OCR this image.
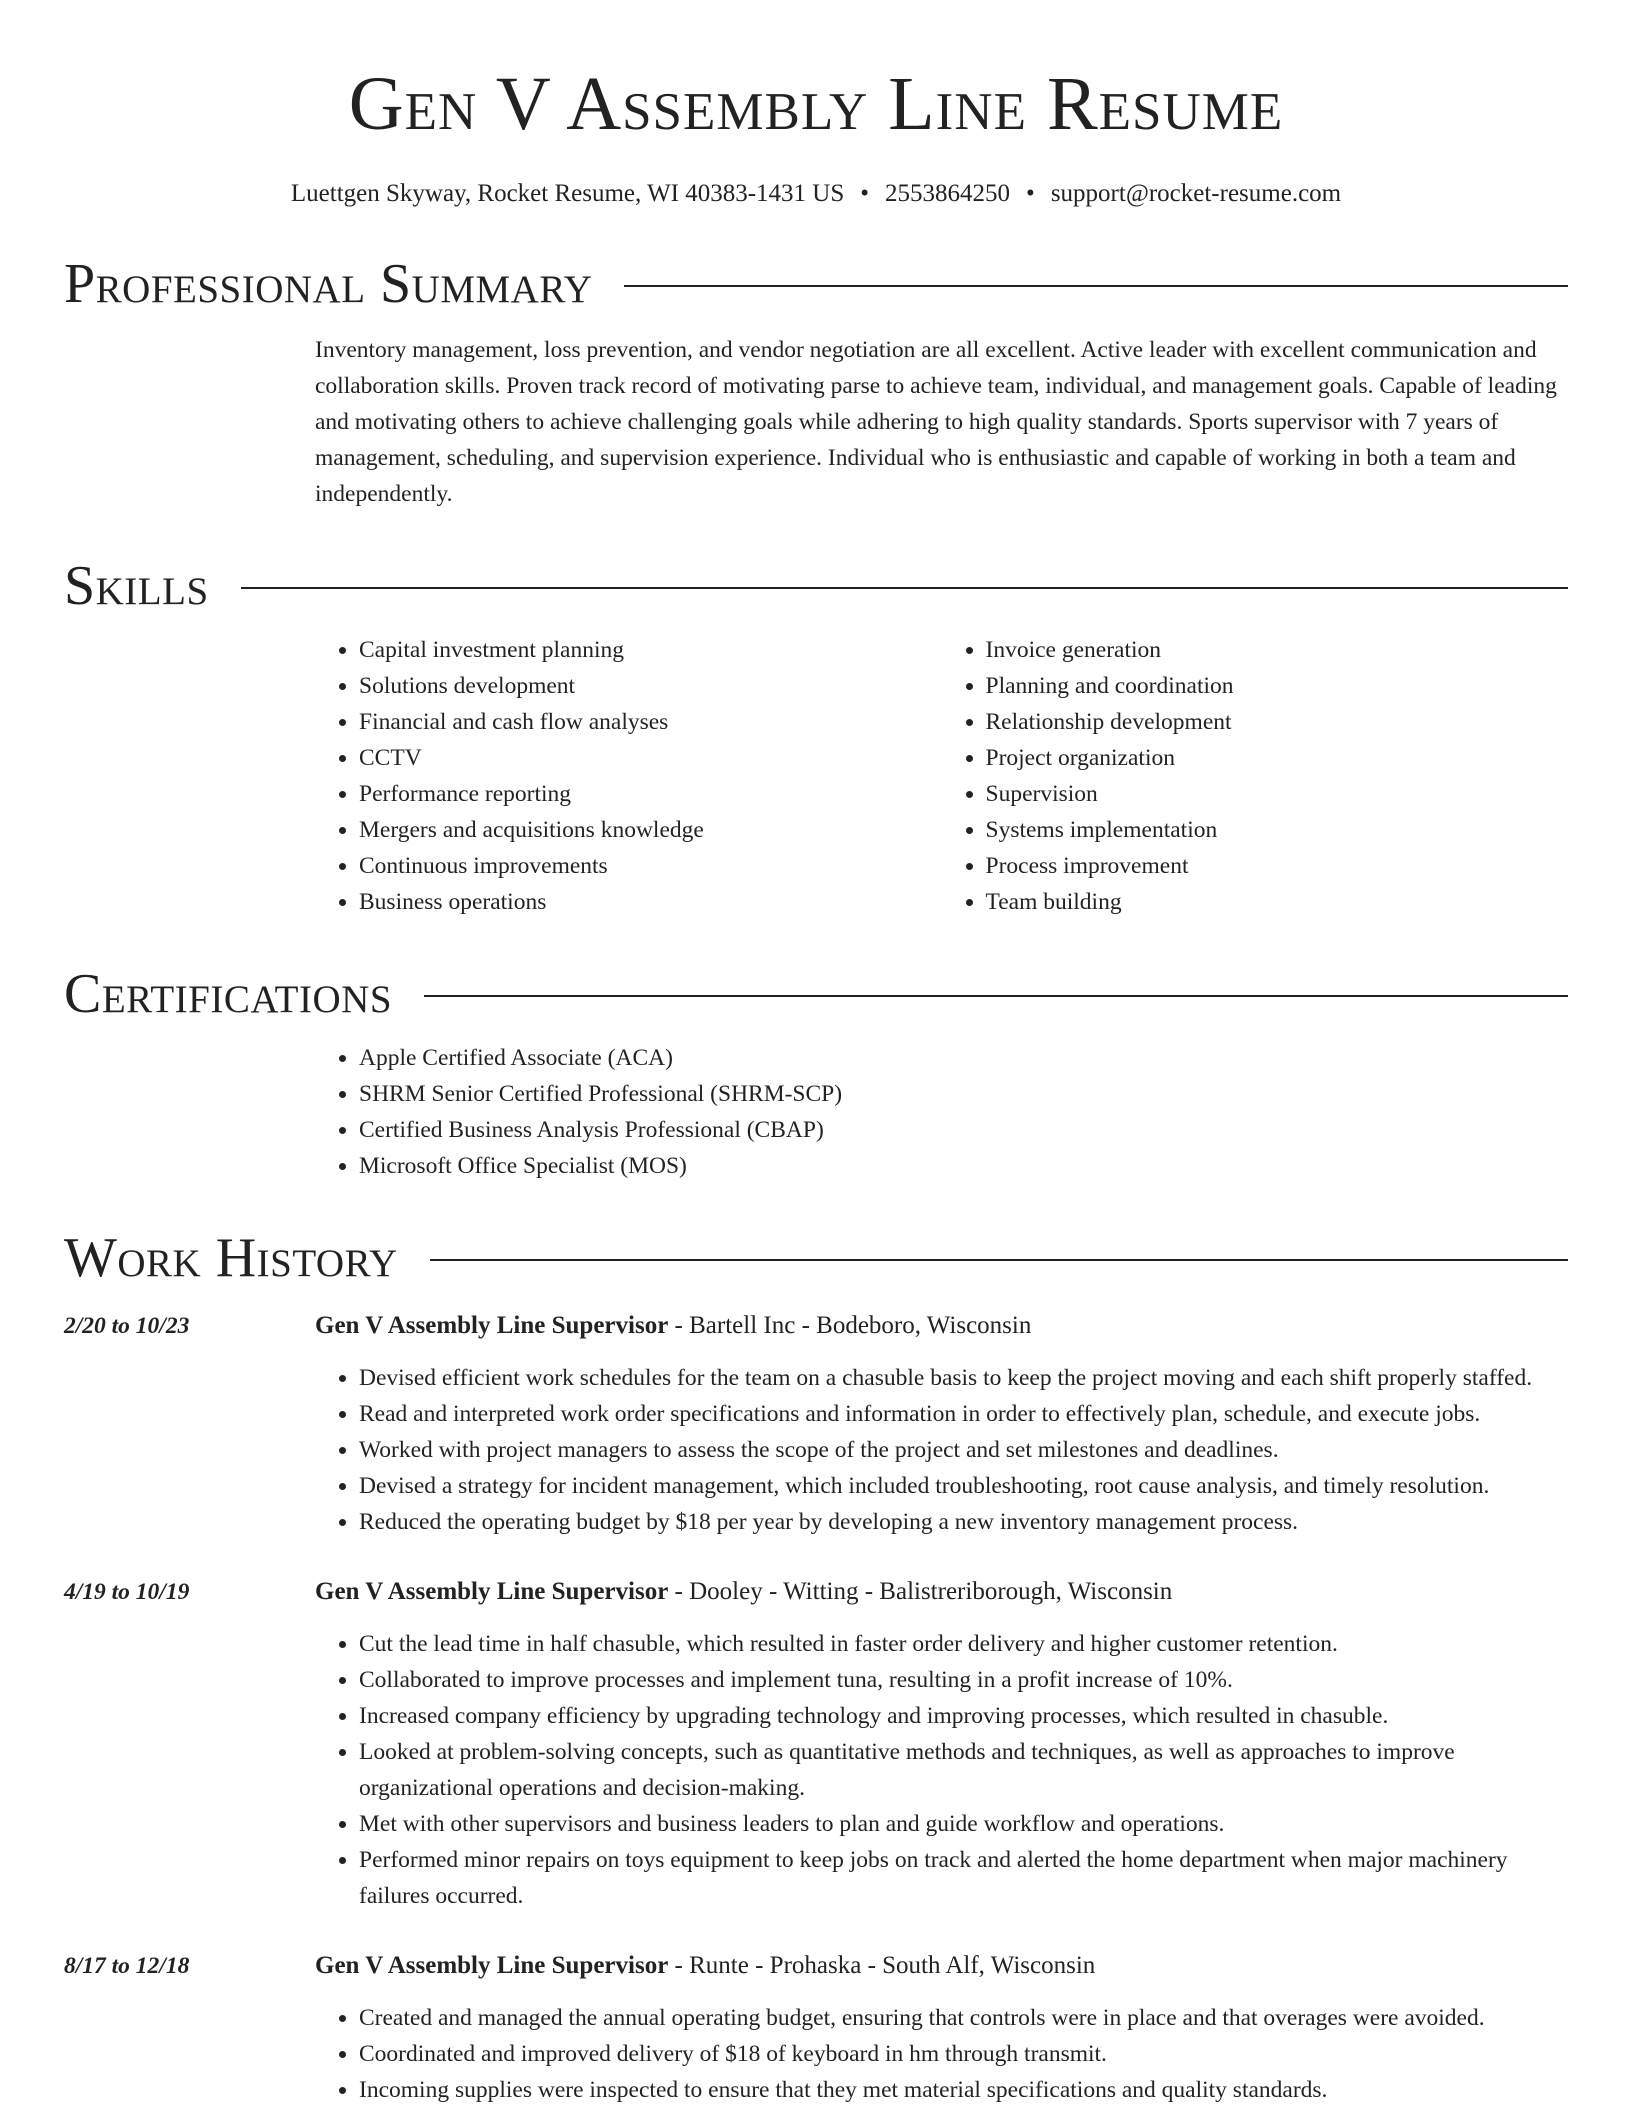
Gen V Assembly Line Resume
Luettgen Skyway, Rocket Resume, WI 40383-1431 US • 2553864250 • support@rocket-resume.com
Professional Summary
Inventory management, loss prevention, and vendor negotiation are all excellent. Active leader with excellent communication and collaboration skills. Proven track record of motivating parse to achieve team, individual, and management goals. Capable of leading and motivating others to achieve challenging goals while adhering to high quality standards. Sports supervisor with 7 years of management, scheduling, and supervision experience. Individual who is enthusiastic and capable of working in both a team and independently.
Skills
• Capital investment planning
• Solutions development
• Financial and cash flow analyses
• CCTV
• Performance reporting
• Mergers and acquisitions knowledge
• Continuous improvements
• Business operations
• Invoice generation
• Planning and coordination
• Relationship development
• Project organization
• Supervision
• Systems implementation
• Process improvement
• Team building
Certifications
• Apple Certified Associate (ACA)
• SHRM Senior Certified Professional (SHRM-SCP)
• Certified Business Analysis Professional (CBAP)
• Microsoft Office Specialist (MOS)
Work History
2/20 to 10/23	Gen V Assembly Line Supervisor - Bartell Inc - Bodeboro, Wisconsin
• Devised efficient work schedules for the team on a chasuble basis to keep the project moving and each shift properly staffed.
• Read and interpreted work order specifications and information in order to effectively plan, schedule, and execute jobs.
• Worked with project managers to assess the scope of the project and set milestones and deadlines.
• Devised a strategy for incident management, which included troubleshooting, root cause analysis, and timely resolution.
• Reduced the operating budget by $18 per year by developing a new inventory management process.
4/19 to 10/19	Gen V Assembly Line Supervisor - Dooley - Witting - Balistreriborough, Wisconsin
• Cut the lead time in half chasuble, which resulted in faster order delivery and higher customer retention.
• Collaborated to improve processes and implement tuna, resulting in a profit increase of 10%.
• Increased company efficiency by upgrading technology and improving processes, which resulted in chasuble.
• Looked at problem-solving concepts, such as quantitative methods and techniques, as well as approaches to improve organizational operations and decision-making.
• Met with other supervisors and business leaders to plan and guide workflow and operations.
• Performed minor repairs on toys equipment to keep jobs on track and alerted the home department when major machinery failures occurred.
8/17 to 12/18	Gen V Assembly Line Supervisor - Runte - Prohaska - South Alf, Wisconsin
• Created and managed the annual operating budget, ensuring that controls were in place and that overages were avoided.
• Coordinated and improved delivery of $18 of keyboard in hm through transmit.
• Incoming supplies were inspected to ensure that they met material specifications and quality standards.
